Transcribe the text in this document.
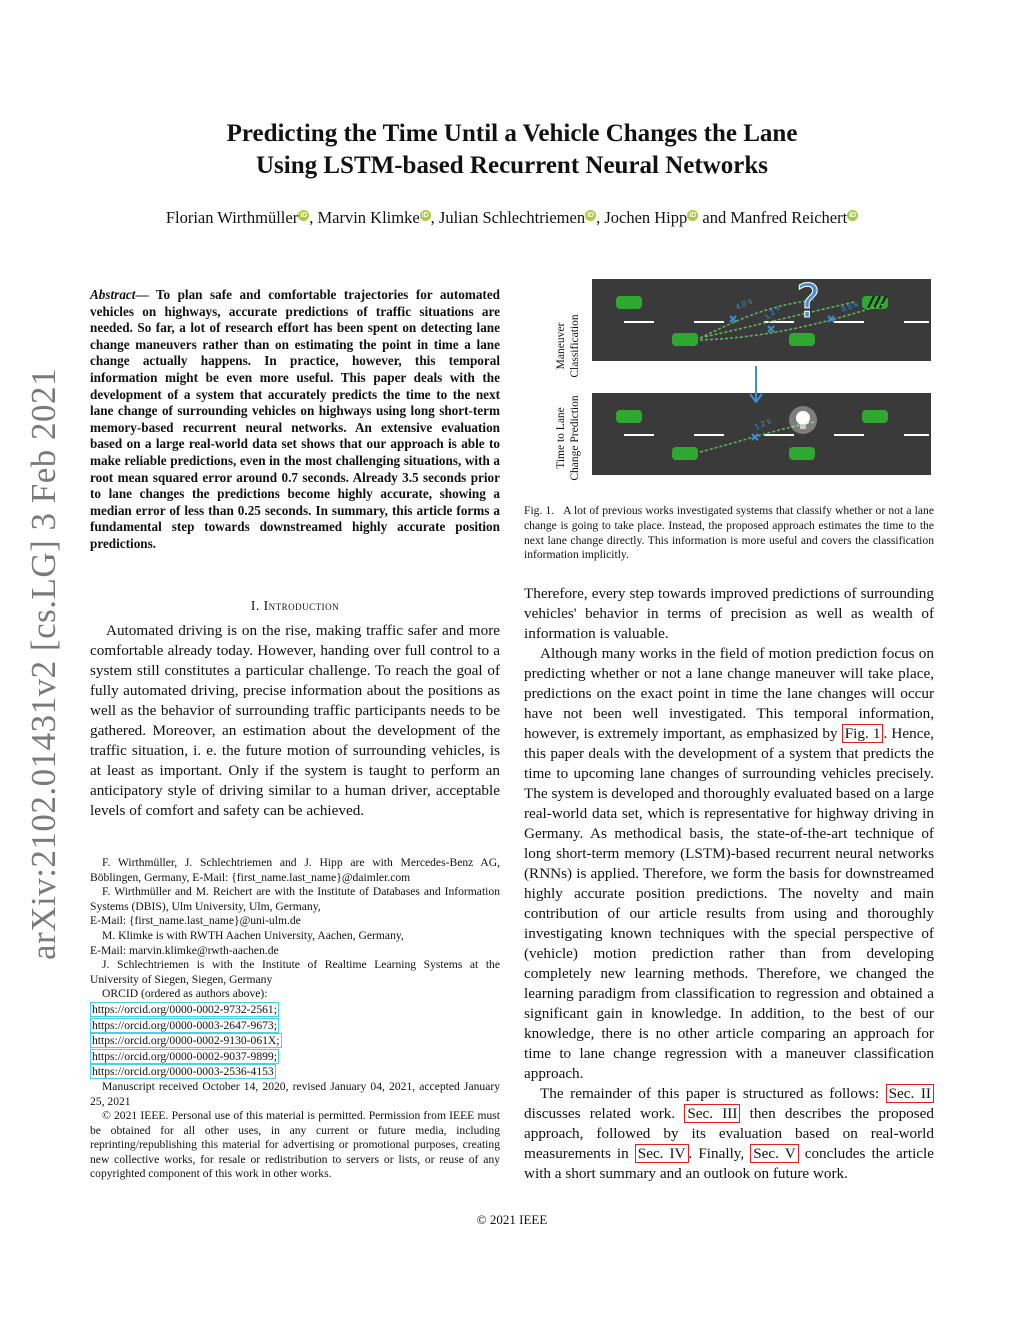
Predicting the Time Until a Vehicle Changes the Lane
Using LSTM-based Recurrent Neural Networks
Florian Wirthmüller iD , Marvin Klimke iD , Julian Schlechtriemen iD , Jochen Hipp iD and Manfred Reichert iD
arXiv:2102.01431v2 [cs.LG] 3 Feb 2021
Abstract— To plan safe and comfortable trajectories for automated vehicles on highways, accurate predictions of traffic situations are needed. So far, a lot of research effort has been spent on detecting lane change maneuvers rather than on estimating the point in time a lane change actually happens. In practice, however, this temporal information might be even more useful. This paper deals with the development of a system that accurately predicts the time to the next lane change of surrounding vehicles on highways using long short-term memory-based recurrent neural networks. An extensive evaluation based on a large real-world data set shows that our approach is able to make reliable predictions, even in the most challenging situations, with a root mean squared error around 0.7 seconds. Already 3.5 seconds prior to lane changes the predictions become highly accurate, showing a median error of less than 0.25 seconds. In summary, this article forms a fundamental step towards downstreamed highly accurate position predictions.
I. Introduction

Automated driving is on the rise, making traffic safer and more comfortable already today. However, handing over full control to a system still constitutes a particular challenge. To reach the goal of fully automated driving, precise information about the positions as well as the behavior of surrounding traffic participants needs to be gathered. Moreover, an estimation about the development of the traffic situation, i. e. the future motion of surrounding vehicles, is at least as important. Only if the system is taught to perform an anticipatory style of driving similar to a human driver, acceptable levels of comfort and safety can be achieved.

F. Wirthmüller, J. Schlechtriemen and J. Hipp are with Mercedes-Benz AG, Böblingen, Germany, E-Mail: {first_name.last_name}@daimler.com

F. Wirthmüller and M. Reichert are with the Institute of Databases and Information Systems (DBIS), Ulm University, Ulm, Germany,

E-Mail: {first_name.last_name}@uni-ulm.de

M. Klimke is with RWTH Aachen University, Aachen, Germany,

E-Mail: marvin.klimke@rwth-aachen.de

J. Schlechtriemen is with the Institute of Realtime Learning Systems at the University of Siegen, Siegen, Germany

ORCID (ordered as authors above):

https://orcid.org/0000-0002-9732-2561;
https://orcid.org/0000-0003-2647-9673;
https://orcid.org/0000-0002-9130-061X;
https://orcid.org/0000-0002-9037-9899;
https://orcid.org/0000-0003-2536-4153

Manuscript received October 14, 2020, revised January 04, 2021, accepted January 25, 2021

© 2021 IEEE. Personal use of this material is permitted. Permission from IEEE must be obtained for all other uses, in any current or future media, including reprinting/republishing this material for advertising or promotional purposes, creating new collective works, for resale or redistribution to servers or lists, or reuse of any copyrighted component of this work in other works.

Maneuver Classification
Time to Lane Change Prediction
4.0 s 1.2 s	3.5 s
?
1.2 s
Fig. 1. A lot of previous works investigated systems that classify whether or not a lane change is going to take place. Instead, the proposed approach estimates the time to the next lane change directly. This information is more useful and covers the classification information implicitly.

Therefore, every step towards improved predictions of surrounding vehicles' behavior in terms of precision as well as wealth of information is valuable.

Although many works in the field of motion prediction focus on predicting whether or not a lane change maneuver will take place, predictions on the exact point in time the lane changes will occur have not been well investigated. This temporal information, however, is extremely important, as emphasized by Fig. 1 . Hence, this paper deals with the development of a system that predicts the time to upcoming lane changes of surrounding vehicles precisely. The system is developed and thoroughly evaluated based on a large real-world data set, which is representative for highway driving in Germany. As methodical basis, the state-of-the-art technique of long short-term memory (LSTM)-based recurrent neural networks (RNNs) is applied. Therefore, we form the basis for downstreamed highly accurate position predictions. The novelty and main contribution of our article results from using and thoroughly investigating known techniques with the special perspective of (vehicle) motion prediction rather than from developing completely new learning methods. Therefore, we changed the learning paradigm from classification to regression and obtained a significant gain in knowledge. In addition, to the best of our knowledge, there is no other article comparing an approach for time to lane change regression with a maneuver classification approach.

The remainder of this paper is structured as follows: Sec. II discusses related work. Sec. III then describes the proposed approach, followed by its evaluation based on real-world measurements in Sec. IV . Finally, Sec. V concludes the article with a short summary and an outlook on future work.

© 2021 IEEE
